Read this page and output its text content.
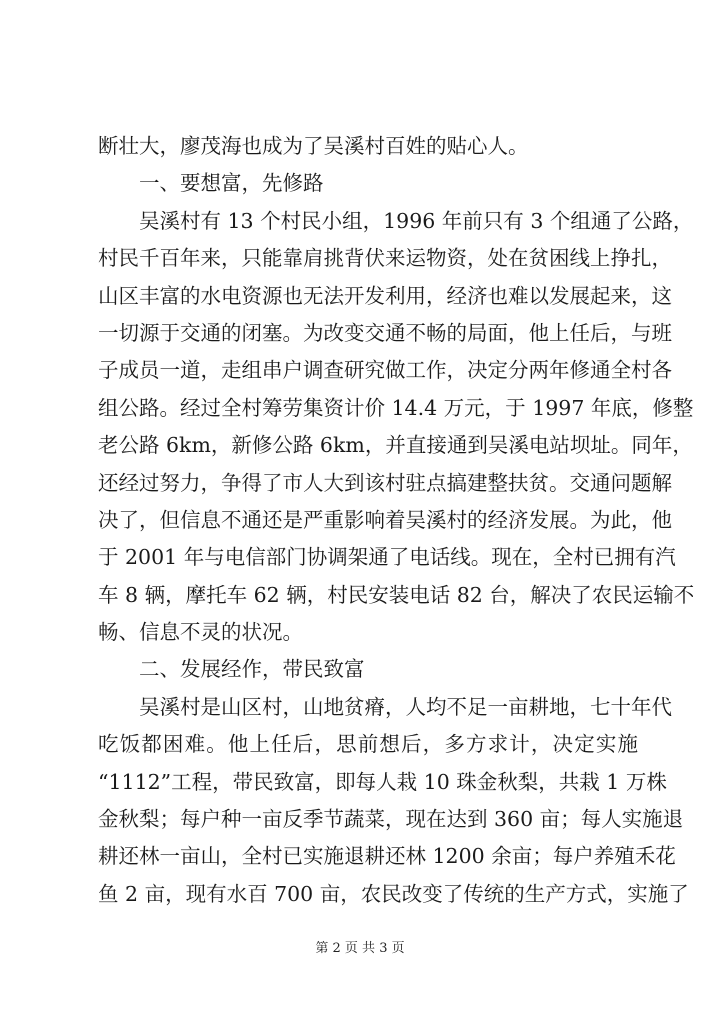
断壮大，廖茂海也成为了吴溪村百姓的贴心人。
一、要想富，先修路
吴溪村有 13 个村民小组，1996 年前只有 3 个组通了公路，
村民千百年来，只能靠肩挑背伏来运物资，处在贫困线上挣扎，
山区丰富的水电资源也无法开发利用，经济也难以发展起来，这
一切源于交通的闭塞。为改变交通不畅的局面，他上任后，与班
子成员一道，走组串户调查研究做工作，决定分两年修通全村各
组公路。经过全村筹劳集资计价 14.4 万元，于 1997 年底，修整
老公路 6km，新修公路 6km，并直接通到吴溪电站坝址。同年，
还经过努力，争得了市人大到该村驻点搞建整扶贫。交通问题解
决了，但信息不通还是严重影响着吴溪村的经济发展。为此，他
于 2001 年与电信部门协调架通了电话线。现在，全村已拥有汽
车 8 辆，摩托车 62 辆，村民安装电话 82 台，解决了农民运输不
畅、信息不灵的状况。
二、发展经作，带民致富
吴溪村是山区村，山地贫瘠，人均不足一亩耕地，七十年代
吃饭都困难。他上任后，思前想后，多方求计，决定实施
“1112”工程，带民致富，即每人栽 10 珠金秋梨，共栽 1 万株
金秋梨；每户种一亩反季节蔬菜，现在达到 360 亩；每人实施退
耕还林一亩山，全村已实施退耕还林 1200 余亩；每户养殖禾花
鱼 2 亩，现有水百 700 亩，农民改变了传统的生产方式，实施了
第 2 页 共 3 页
